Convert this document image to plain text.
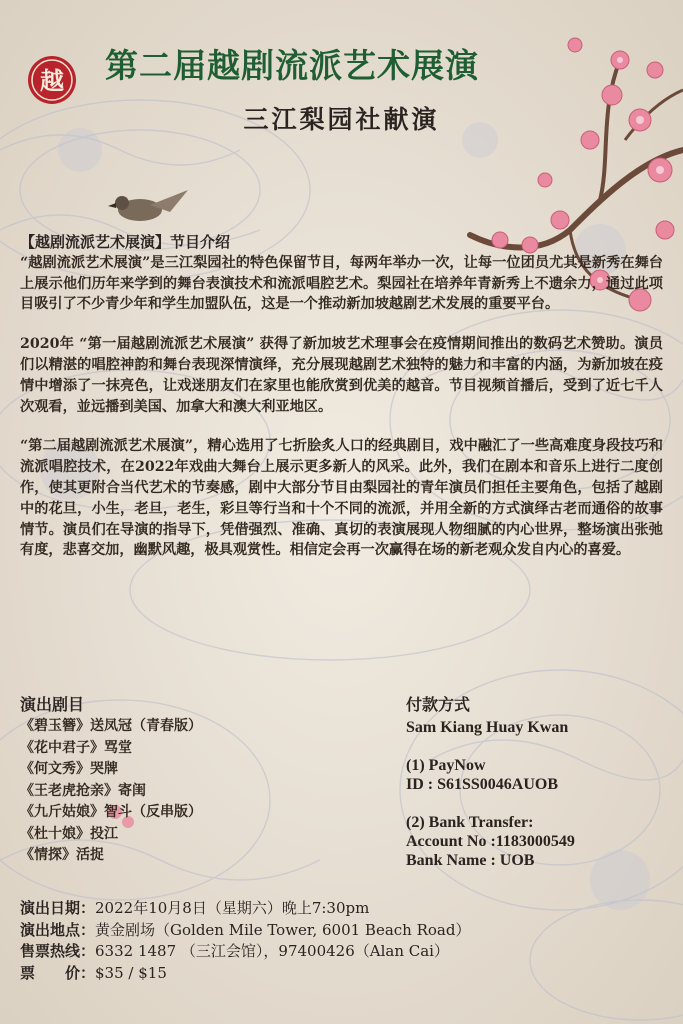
越 第二届越剧流派艺术展演
三江梨园社献演
【越剧流派艺术展演】节目介绍
“越剧流派艺术展演”是三江梨园社的特色保留节目，每两年举办一次，让每一位团员尤其是新秀在舞台上展示他们历年来学到的舞台表演技术和流派唱腔艺术。梨园社在培养年青新秀上不遗余力，通过此项目吸引了不少青少年和学生加盟队伍，这是一个推动新加坡越剧艺术发展的重要平台。
2020年 “第一届越剧流派艺术展演” 获得了新加坡艺术理事会在疫情期间推出的数码艺术赞助。演员们以精湛的唱腔神韵和舞台表现深情演绎，充分展现越剧艺术独特的魅力和丰富的内涵，为新加坡在疫情中增添了一抹亮色，让戏迷朋友们在家里也能欣赏到优美的越音。节目视频首播后，受到了近七千人次观看，並远播到美国、加拿大和澳大利亚地区。
“第二届越剧流派艺术展演”，精心选用了七折脍炙人口的经典剧目，戏中融汇了一些高难度身段技巧和流派唱腔技术，在2022年戏曲大舞台上展示更多新人的风采。此外，我们在剧本和音乐上进行二度创作，使其更附合当代艺术的节奏感，剧中大部分节目由梨园社的青年演员们担任主要角色，包括了越剧中的花旦，小生，老旦，老生，彩旦等行当和十个不同的流派，并用全新的方式演绎古老而通俗的故事情节。演员们在导演的指导下，凭借强烈、准确、真切的表演展现人物细腻的内心世界，整场演出张弛有度，悲喜交加，幽默风趣，极具观赏性。相信定会再一次赢得在场的新老观众发自内心的喜爱。
演出剧目
《碧玉簪》送凤冠（青春版）
《花中君子》骂堂
《何文秀》哭牌
《王老虎抢亲》寄闺
《九斤姑娘》智斗（反串版）
《杜十娘》投江
《情探》活捉
付款方式
Sam Kiang Huay Kwan
(1) PayNow
ID : S61SS0046AUOB
(2) Bank Transfer:
Account No :1183000549
Bank Name : UOB
演出日期：2022年10月8日（星期六）晚上7:30pm
演出地点：黄金剧场（Golden Mile Tower, 6001 Beach Road）
售票热线：6332 1487 （三江会馆），97400426（Alan Cai）
票　　价：$35 / $15
